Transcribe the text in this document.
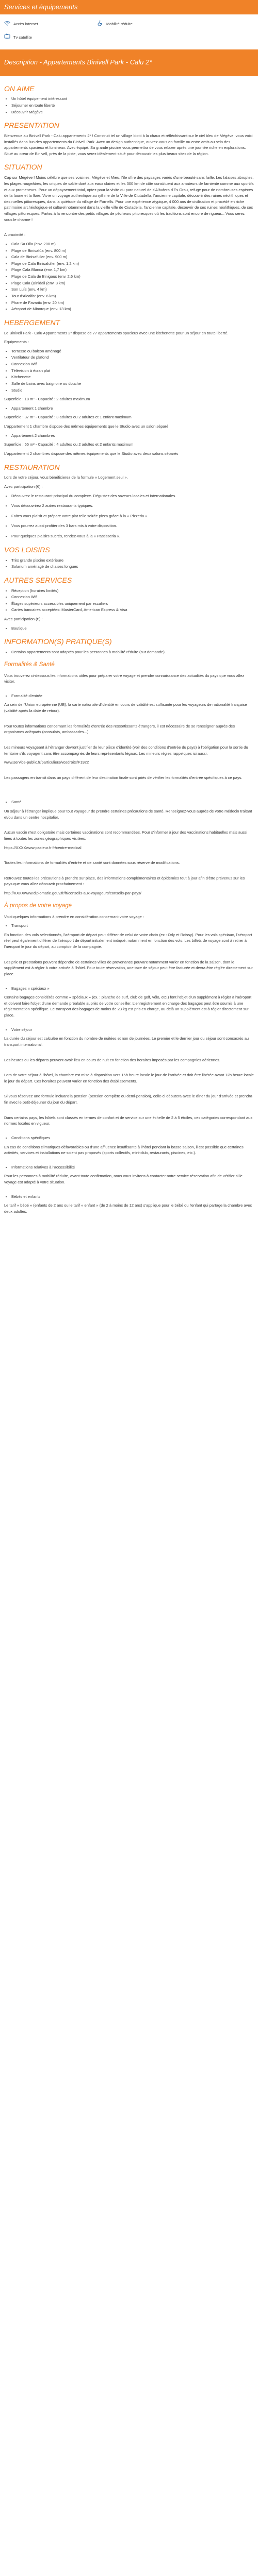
Services et équipements
Accès internet	Mobilité réduite
Tv satellite
Description - Appartements Binivell Park - Calu 2*
ON AIME
• Un hôtel équipement intéressant
• Séjourner en toute liberté
• Découvrir Mégève
PRESENTATION

Bienvenue au Binivell Park - Calu appartements 2* ! Construit tel un village blotti à la chaux et réfléchissant sur le ciel bleu de Mégève, vous voici installés dans l'un des appartements du Binivell Park. Avec un design authentique, ouvrez-vous en famille ou entre amis au sein des appartements spacieux et lumineux. Avec équipé. Sa grande piscine vous permettra de vous relaxer après une journée riche en explorations. Situé au cœur de Binivell, près de la piste, vous serez idéalement situé pour découvrir les plus beaux sites de la région.

SITUATION

Cap sur Mégève ! Moins célèbre que ses voisines, Mégève et Mieu, l'île offre des paysages variés d'une beauté sans faille. Les falaises abruptes, les plages rougeâtres, les criques de sable doré aux eaux claires et les 300 km de côte constituent aux amateurs de farniente comme aux sportifs et aux promeneurs. Pour un dépaysement total, optez pour la visite du parc naturel de s'Albufera d'Es Grau, refuge pour de nombreuses espèces de la faune et la flore. Vivre un voyage authentique au rythme de la Ville de Ciutadella, l'ancienne capitale, découvrir des ruines néolithiques et des ruelles pittoresques, dans la quiétude du village de Fornells. Pour une expérience atypique, 4 000 ans de civilisation et procédé en riche patrimoine archéologique et culturel notamment dans la vieille ville de Ciutadella, l'ancienne capitale, découvrir de ses ruines néolithiques, de ses villages pittoresques. Partez à la rencontre des petits villages de pêcheurs pittoresques où les traditions sont encore de rigueur... Vous serez sous le charme !

A proximité :

• Cala Sa Olla (env. 200 m)
• Plage de Binisafúa (env. 800 m)
• Cala de Binisafuller (env. 900 m)
• Plage de Cala Binisafuller (env. 1,2 km)
• Plage Cala Blanca (env. 1,7 km)
• Plage de Cala de Binigaus (env. 2,6 km)
• Plage Cala (Binidali (env. 3 km)
• Son Luís (env. 4 km)
• Tour d'Alcalfar (env. 6 km)
• Phare de Favaritx (env. 20 km)
• Aéroport de Minorque (env. 13 km)
HEBERGEMENT

Le Binivell Park - Calu Appartements 2* dispose de 77 appartements spacieux avec une kitchenette pour un séjour en toute liberté.

Equipements :

• Terrasse ou balcon aménagé
• Ventilateur de plafond
• Connexion Wifi
• Télévision à écran plat
• Kitchenette
• Salle de bains avec baignoire ou douche
• Studio

Superficie : 18 m² - Capacité : 2 adultes maximum

• Appartement 1 chambre

Superficie : 37 m² - Capacité : 3 adultes ou 2 adultes et 1 enfant maximum

L'appartement 1 chambre dispose des mêmes équipements que le Studio avec un salon séparé

• Appartement 2 chambres

Superficie : 55 m² - Capacité : 4 adultes ou 2 adultes et 2 enfants maximum

L'appartement 2 chambres dispose des mêmes équipements que le Studio avec deux salons séparés

RESTAURATION

Lors de votre séjour, vous bénéficierez de la formule « Logement seul ».

Avec participation (€) :

• Découvrez le restaurant principal du complexe. Dégustez des saveurs locales et internationales.
• Vous découvrirez 2 autres restaurants typiques.
• Faites vous plaisir et prépare votre plat telle soirée pizza grâce à la « Pizzeria ».
• Vous pourrez aussi profiter des 3 bars mis à votre disposition.
• Pour quelques plaisirs sucrés, rendez-vous à la « Pastisseria ».
VOS LOISIRS
• Très grande piscine extérieure
• Solarium aménagé de chaises longues
AUTRES SERVICES
• Réception (horaires limités)
• Connexion Wifi
• Étages supérieurs accessibles uniquement par escaliers
• Cartes bancaires acceptées: MasterCard, American Express & Visa

Avec participation (€) :

• Boutique
INFORMATION(S) PRATIQUE(S)
• Certains appartements sont adaptés pour les personnes à mobilité réduite (sur demande).
Formalités & Santé

Vous trouverez ci-dessous les informations utiles pour préparer votre voyage et prendre connaissance des actualités du pays que vous allez visiter.

• Formalité d'entrée

Au sein de l'Union européenne (UE), la carte nationale d'identité en cours de validité est suffisante pour les voyageurs de nationalité française (validité après la date de retour).

Pour toutes informations concernant les formalités d'entrée des ressortissants étrangers, il est nécessaire de se renseigner auprès des organismes adéquats (consulats, ambassades...).

Les mineurs voyageant à l'étranger devront justifier de leur pièce d'identité (voir des conditions d'entrée du pays) à l'obligation pour la sortie du territoire s'ils voyagent sans être accompagnés de leurs représentants légaux. Les mineurs régies rappelques ici aussi.

www.service-public.fr/particuliers/vosdroits/F1922

Les passagers en transit dans un pays différent de leur destination finale sont priés de vérifier les formalités d'entrée spécifiques à ce pays.

• Santé

Un séjour à l'étranger implique pour tout voyageur de prendre certaines précautions de santé. Renseignez-vous auprès de votre médecin traitant et/ou dans un centre hospitalier.

Aucun vaccin n'est obligatoire mais certaines vaccinations sont recommandées. Pour s'informer à jour des vaccinations habituelles mais aussi liées à toutes les zones géographiques visitées.

https://XXXXwww.pasteur.fr fr/centre-medical

Toutes les informations de formalités d'entrée et de santé sont données sous réserve de modifications.

Retrouvez toutes les précautions à prendre sur place, des informations complémentaires et épidémies tout à jour afin d'être prévenus sur les pays que vous allez découvrir prochainement :

http://XXXXwww.diplomatie.gouv.fr/fr/conseils-aux-voyageurs/conseils-par-pays/

À propos de votre voyage

Voici quelques informations à prendre en considération concernant votre voyage :

• Transport

En fonction des vols sélectionnés, l'aéroport de départ peut différer de celui de votre choix (ex : Orly et Roissy). Pour les vols spéciaux, l'aéroport réel peut également différer de l'aéroport de départ initialement indiqué, notamment en fonction des vols. Les billets de voyage sont à retirer à l'aéroport le jour du départ, au comptoir de la compagnie.

Les prix et prestations peuvent dépendre de certaines villes de provenance pouvant notamment varier en fonction de la saison, dont le supplément est à régler à votre arrivée à l'hôtel. Pour toute réservation, une taxe de séjour peut être facturée et devra être réglée directement sur place.

• Bagages « spéciaux »

Certains bagages considérés comme « spéciaux » (ex. : planche de surf, club de golf, vélo, etc.) font l'objet d'un supplément à régler à l'aéroport et doivent faire l'objet d'une demande préalable auprès de votre conseiller. L'enregistrement en charge des bagages peut être soumis à une réglementation spécifique. Le transport des bagages de moins de 23 kg est pris en charge, au-delà un supplément est à régler directement sur place.

• Votre séjour

La durée du séjour est calculée en fonction du nombre de nuitées et non de journées. Le premier et le dernier jour du séjour sont consacrés au transport international.

Les heures ou les départs peuvent avoir lieu en cours de nuit en fonction des horaires imposés par les compagnies aériennes.

Lors de votre séjour à l'hôtel, la chambre est mise à disposition vers 15h heure locale le jour de l'arrivée et doit être libérée avant 12h heure locale le jour du départ. Ces horaires peuvent varier en fonction des établissements.

Si vous réservez une formule incluant la pension (pension complète ou demi-pension), celle-ci débutera avec le dîner du jour d'arrivée et prendra fin avec le petit-déjeuner du jour du départ.

Dans certains pays, les hôtels sont classés en termes de confort et de service sur une échelle de 2 à 5 étoiles, ces catégories correspondant aux normes locales en vigueur.

• Conditions spécifiques

En cas de conditions climatiques défavorables ou d'une affluence insuffisante à l'hôtel pendant la basse saison, il est possible que certaines activités, services et installations ne soient pas proposés (sports collectifs, mini-club, restaurants, piscines, etc.).

• Informations relatives à l'accessibilité

Pour les personnes à mobilité réduite, avant toute confirmation, nous vous invitons à contacter notre service réservation afin de vérifier si le voyage est adapté à votre situation.

• Bébés et enfants

Le tarif « bébé » (enfants de 2 ans ou le tarif « enfant » (de 2 à moins de 12 ans) s'applique pour le bébé ou l'enfant qui partage la chambre avec deux adultes.
